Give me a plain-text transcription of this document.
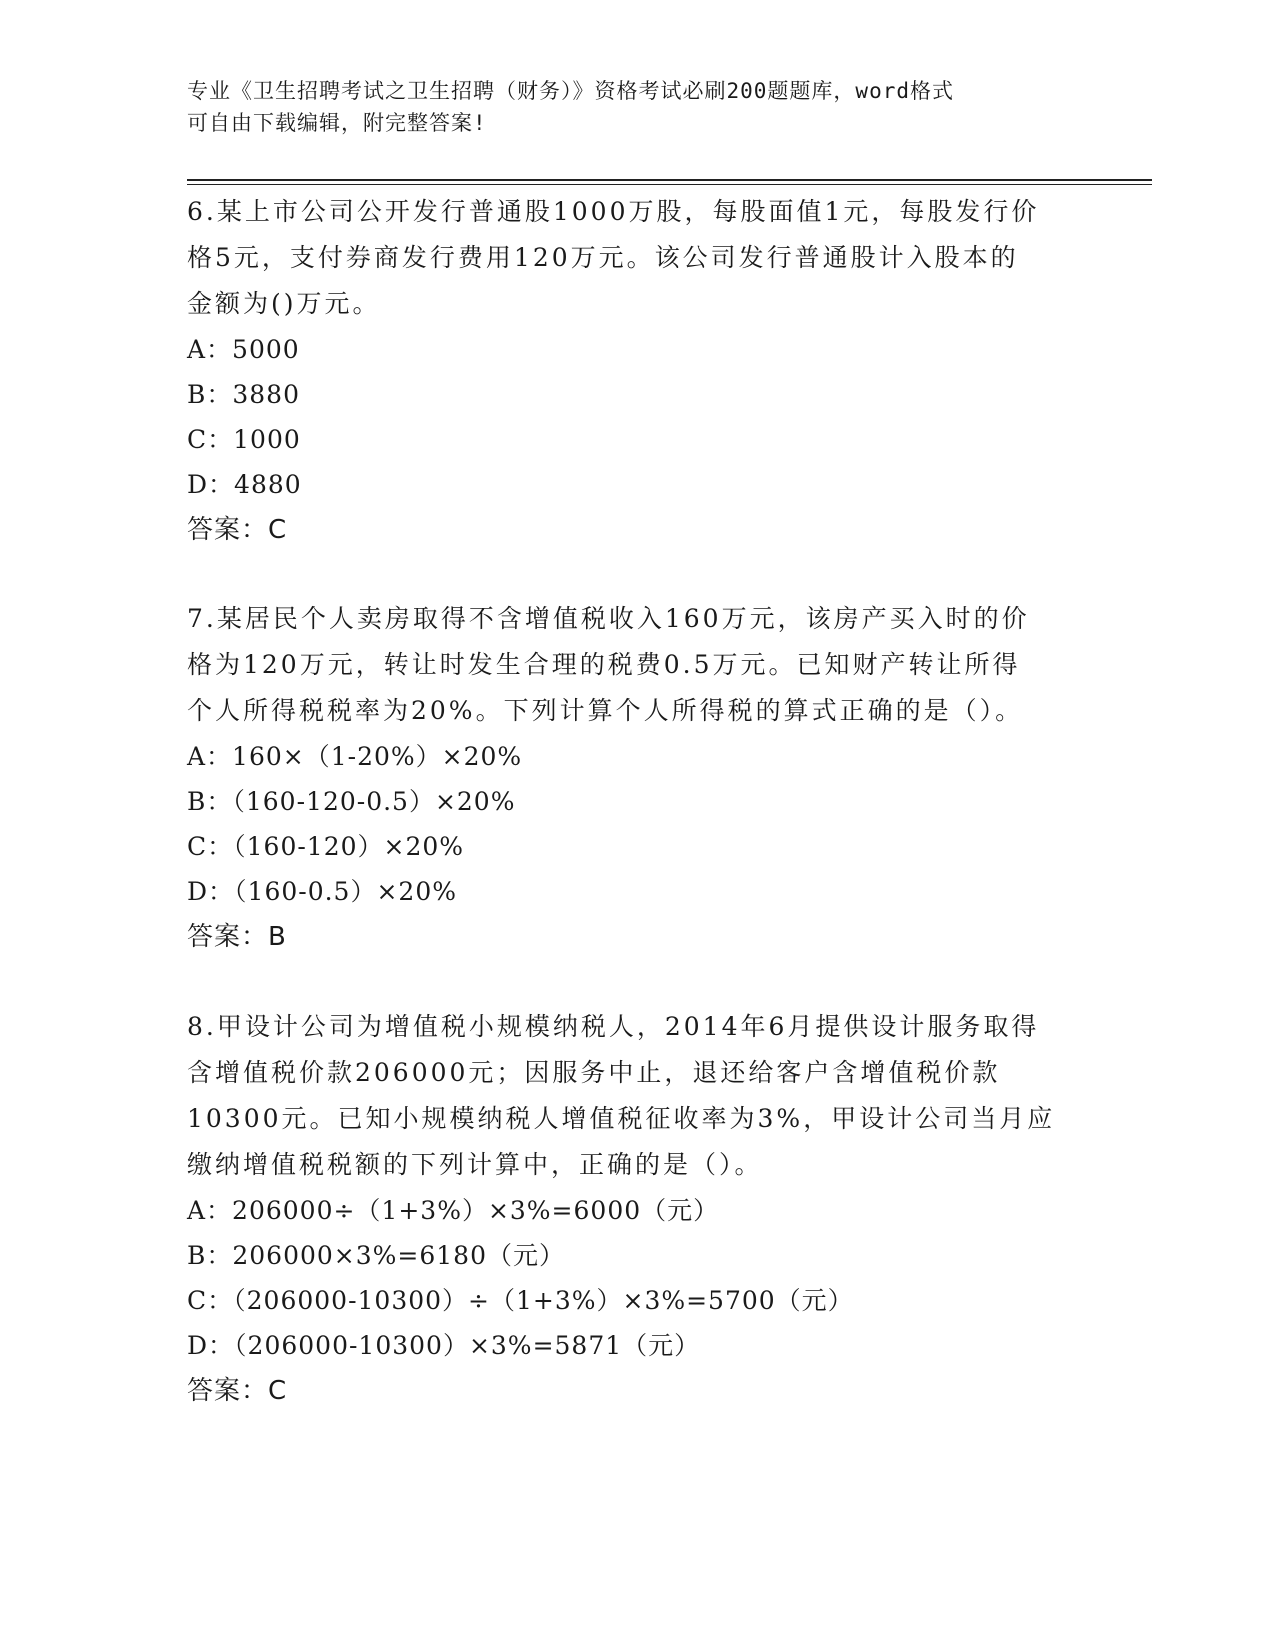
专业《卫生招聘考试之卫生招聘（财务）》资格考试必刷200题题库，word格式
可自由下载编辑，附完整答案!
6.某上市公司公开发行普通股1000万股，每股面值1元，每股发行价
格5元，支付券商发行费用120万元。该公司发行普通股计入股本的
金额为()万元。
A：5000
B：3880
C：1000
D：4880
答案：C
7.某居民个人卖房取得不含增值税收入160万元，该房产买入时的价
格为120万元，转让时发生合理的税费0.5万元。已知财产转让所得
个人所得税税率为20%。下列计算个人所得税的算式正确的是（）。
A：160×（1-20%）×20%
B：（160-120-0.5）×20%
C：（160-120）×20%
D：（160-0.5）×20%
答案：B
8.甲设计公司为增值税小规模纳税人，2014年6月提供设计服务取得
含增值税价款206000元；因服务中止，退还给客户含增值税价款
10300元。已知小规模纳税人增值税征收率为3%，甲设计公司当月应
缴纳增值税税额的下列计算中，正确的是（）。
A：206000÷（1+3%）×3%=6000（元）
B：206000×3%=6180（元）
C：（206000-10300）÷（1+3%）×3%=5700（元）
D：（206000-10300）×3%=5871（元）
答案：C
